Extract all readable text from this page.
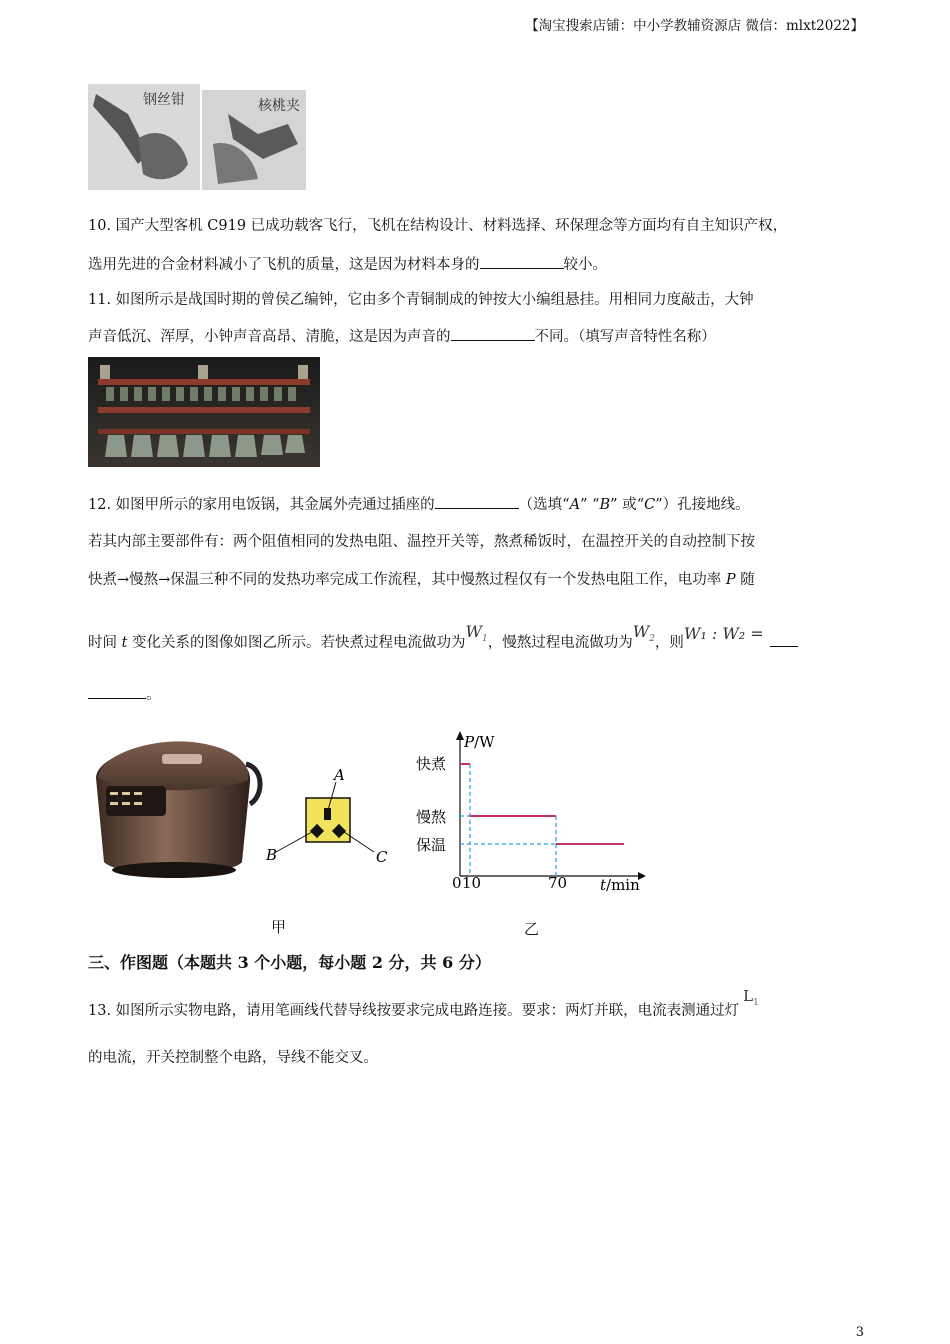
【淘宝搜索店铺：中小学教辅资源店 微信：mlxt2022】
钢丝钳	核桃夹
10. 国产大型客机 C919 已成功载客飞行，飞机在结构设计、材料选择、环保理念等方面均有自主知识产权，
选用先进的合金材料减小了飞机的质量，这是因为材料本身的	较小。
11. 如图所示是战国时期的曾侯乙编钟，它由多个青铜制成的钟按大小编组悬挂。用相同力度敲击，大钟
声音低沉、浑厚，小钟声音高昂、清脆，这是因为声音的	不同。（填写声音特性名称）
12. 如图甲所示的家用电饭锅，其金属外壳通过插座的	（选填“A” “B” 或“C”）孔接地线。
若其内部主要部件有：两个阻值相同的发热电阻、温控开关等，熬煮稀饭时，在温控开关的自动控制下按
快煮→慢熬→保温三种不同的发热功率完成工作流程，其中慢熬过程仅有一个发热电阻工作，电功率 P 随
时间 t 变化关系的图像如图乙所示。若快煮过程电流做功为$W_1$，慢熬过程电流做功为$W_2$，则W₁ : W₂ =
。
A
B	C
P/W
t/min
快煮
慢熬
保温
0 10	70
甲	乙
三、作图题（本题共 3 个小题，每小题 2 分，共 6 分）
13. 如图所示实物电路，请用笔画线代替导线按要求完成电路连接。要求：两灯并联，电流表测通过灯$L_1$
的电流，开关控制整个电路，导线不能交叉。
3
